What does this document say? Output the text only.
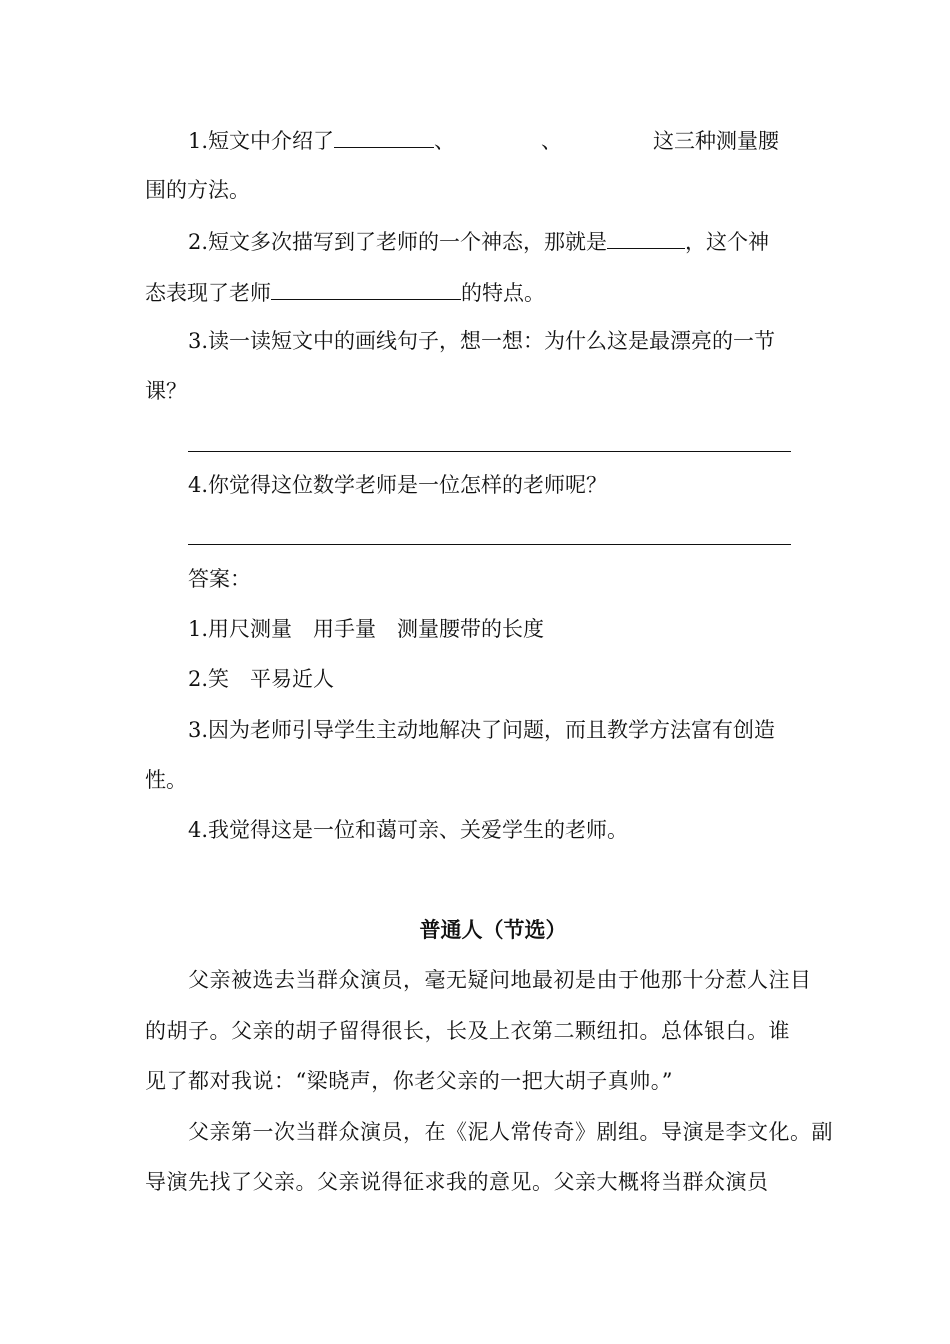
1.短文中介绍了	、	、	这三种测量腰
围的方法。
2.短文多次描写到了老师的一个神态，那就是	，这个神
态表现了老师	的特点。
3.读一读短文中的画线句子，想一想：为什么这是最漂亮的一节
课？
4.你觉得这位数学老师是一位怎样的老师呢？
答案：
1.用尺测量　用手量　测量腰带的长度
2.笑　平易近人
3.因为老师引导学生主动地解决了问题，而且教学方法富有创造
性。
4.我觉得这是一位和蔼可亲、关爱学生的老师。
普通人（节选）
父亲被选去当群众演员，毫无疑问地最初是由于他那十分惹人注目
的胡子。父亲的胡子留得很长，长及上衣第二颗纽扣。总体银白。谁
见了都对我说：“梁晓声，你老父亲的一把大胡子真帅。”
父亲第一次当群众演员，在《泥人常传奇》剧组。导演是李文化。副
导演先找了父亲。父亲说得征求我的意见。父亲大概将当群众演员
